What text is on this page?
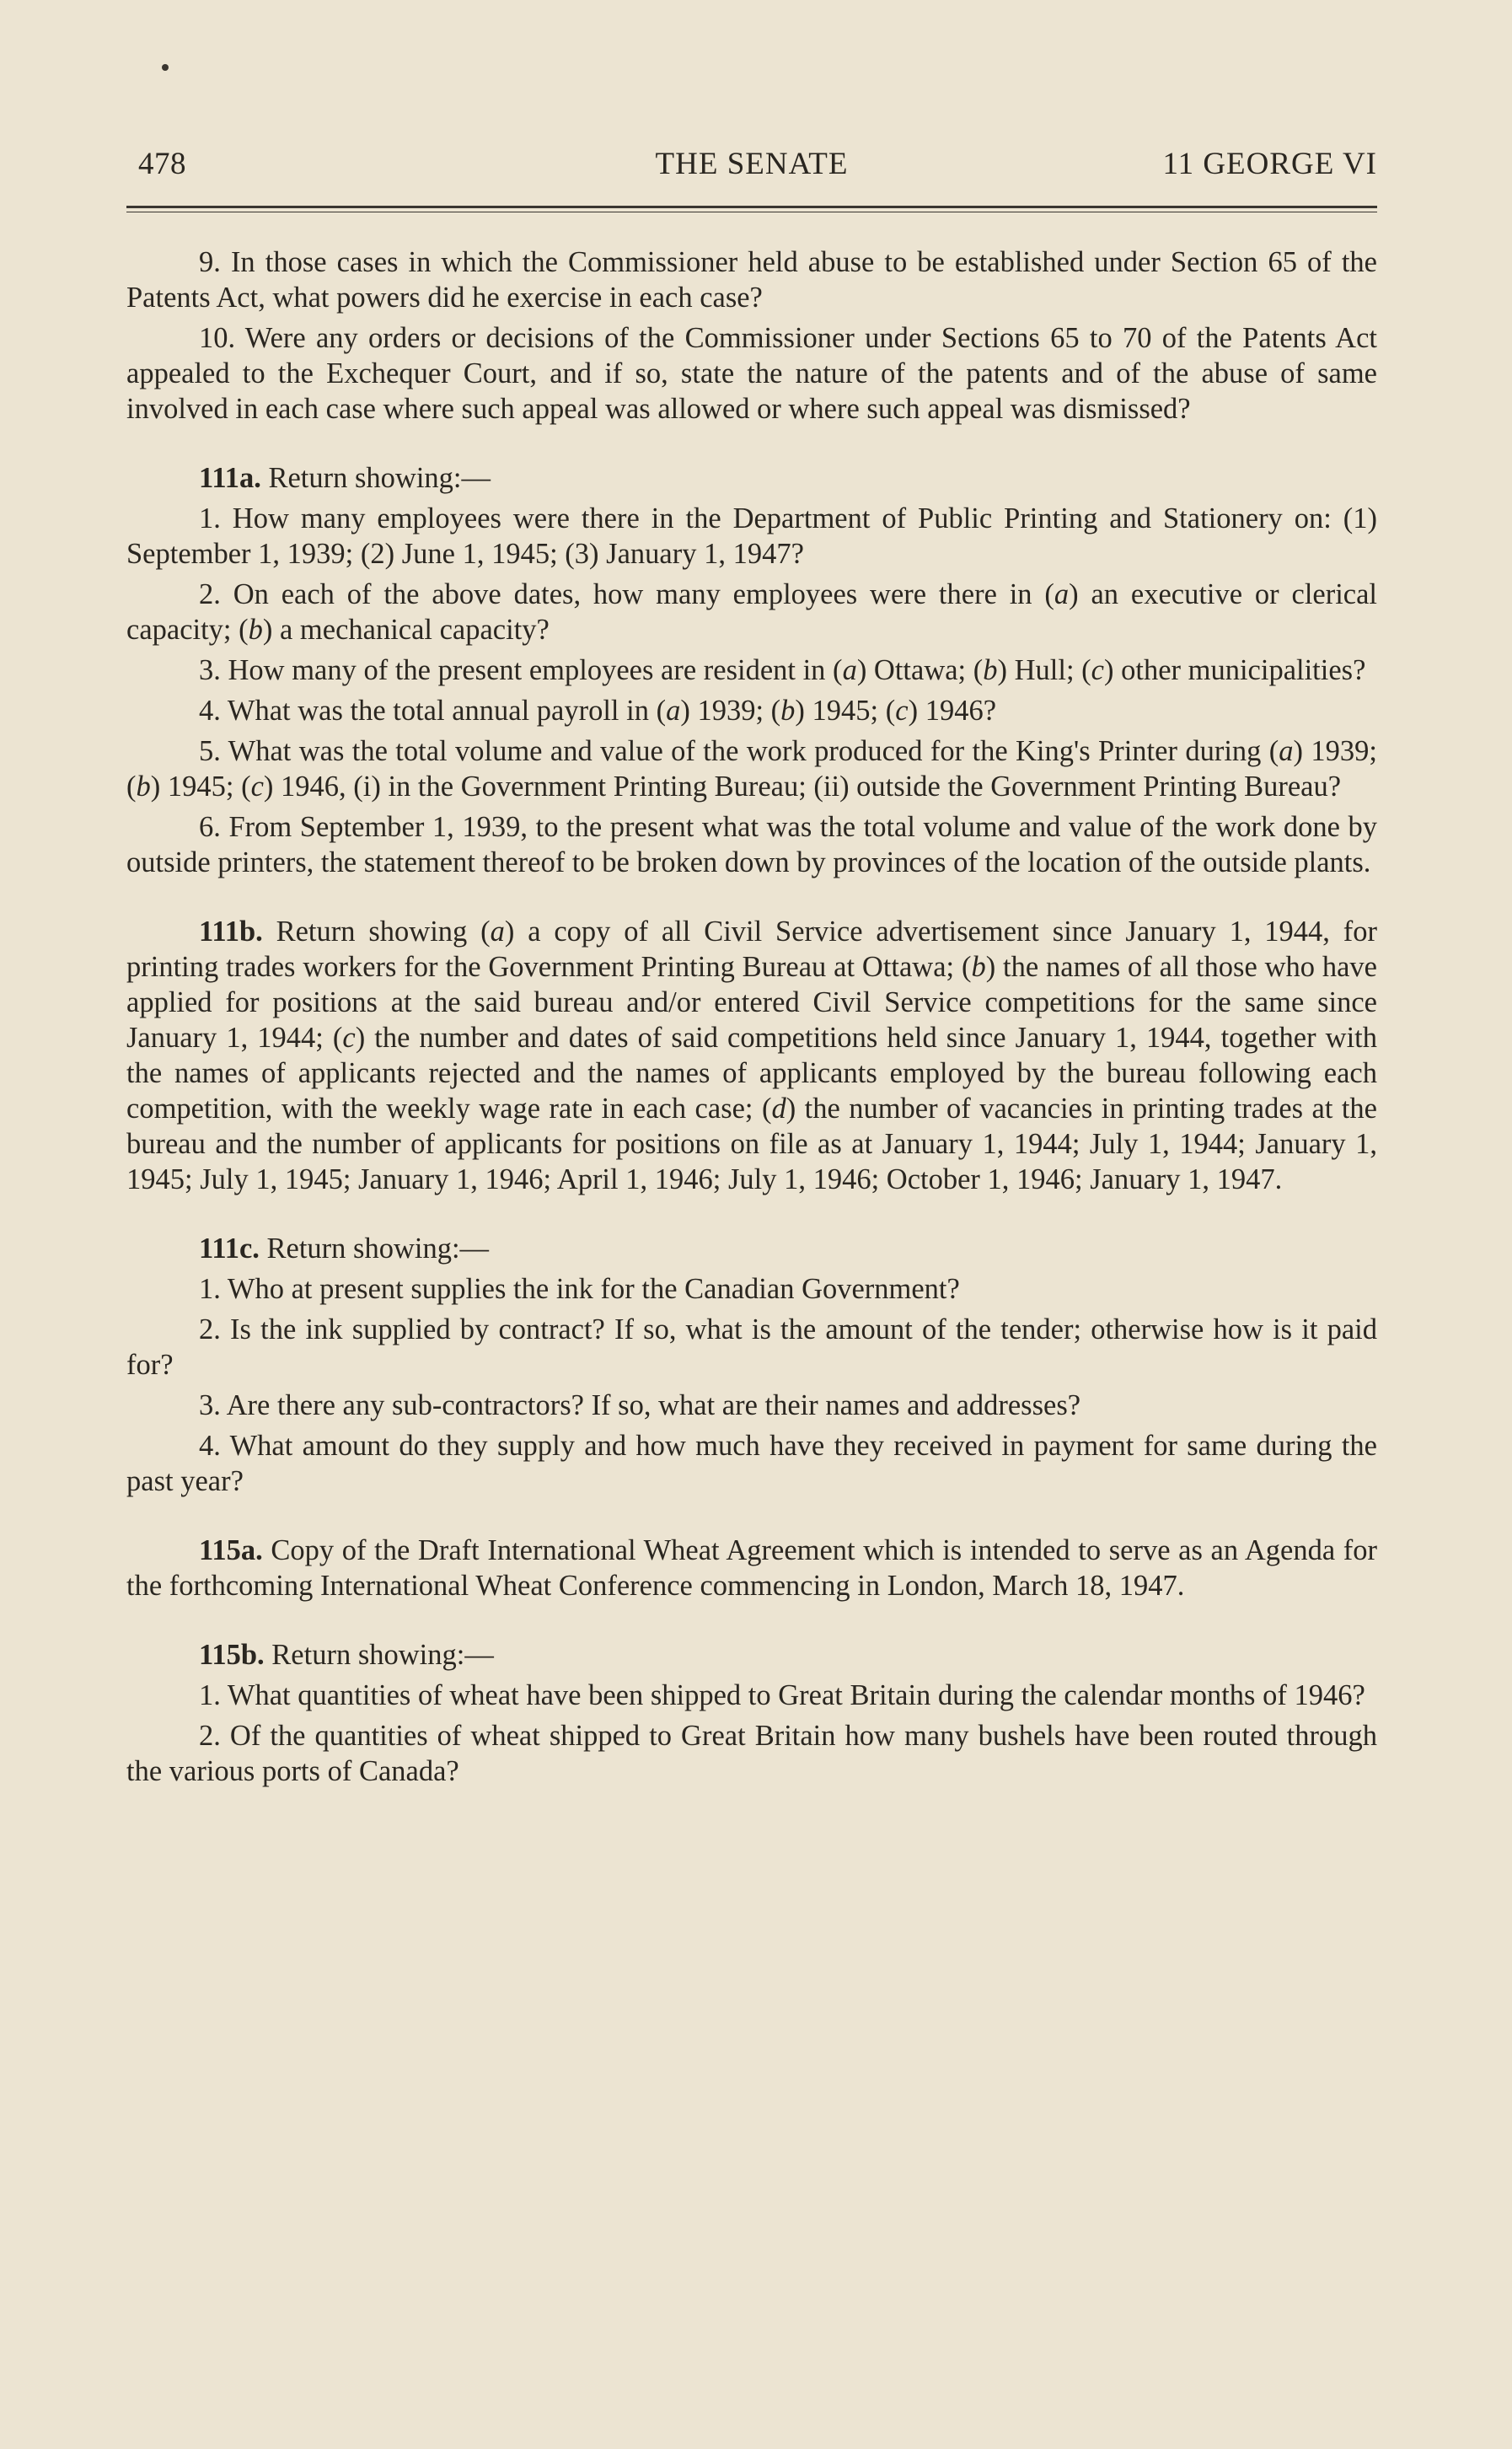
478	THE SENATE	11 GEORGE VI

9. In those cases in which the Commissioner held abuse to be established under Section 65 of the Patents Act, what powers did he exercise in each case?

10. Were any orders or decisions of the Commissioner under Sections 65 to 70 of the Patents Act appealed to the Exchequer Court, and if so, state the nature of the patents and of the abuse of same involved in each case where such appeal was allowed or where such appeal was dismissed?

111a. Return showing:—

1. How many employees were there in the Department of Public Printing and Stationery on: (1) September 1, 1939; (2) June 1, 1945; (3) January 1, 1947?

2. On each of the above dates, how many employees were there in (a) an executive or clerical capacity; (b) a mechanical capacity?

3. How many of the present employees are resident in (a) Ottawa; (b) Hull; (c) other municipalities?

4. What was the total annual payroll in (a) 1939; (b) 1945; (c) 1946?

5. What was the total volume and value of the work produced for the King's Printer during (a) 1939; (b) 1945; (c) 1946, (i) in the Government Printing Bureau; (ii) outside the Government Printing Bureau?

6. From September 1, 1939, to the present what was the total volume and value of the work done by outside printers, the statement thereof to be broken down by provinces of the location of the outside plants.

111b. Return showing (a) a copy of all Civil Service advertisement since January 1, 1944, for printing trades workers for the Government Printing Bureau at Ottawa; (b) the names of all those who have applied for positions at the said bureau and/or entered Civil Service competitions for the same since January 1, 1944; (c) the number and dates of said competitions held since January 1, 1944, together with the names of applicants rejected and the names of applicants employed by the bureau following each competition, with the weekly wage rate in each case; (d) the number of vacancies in printing trades at the bureau and the number of applicants for positions on file as at January 1, 1944; July 1, 1944; January 1, 1945; July 1, 1945; January 1, 1946; April 1, 1946; July 1, 1946; October 1, 1946; January 1, 1947.

111c. Return showing:—

1. Who at present supplies the ink for the Canadian Government?

2. Is the ink supplied by contract? If so, what is the amount of the tender; otherwise how is it paid for?

3. Are there any sub-contractors? If so, what are their names and addresses?

4. What amount do they supply and how much have they received in payment for same during the past year?

115a. Copy of the Draft International Wheat Agreement which is intended to serve as an Agenda for the forthcoming International Wheat Conference commencing in London, March 18, 1947.

115b. Return showing:—

1. What quantities of wheat have been shipped to Great Britain during the calendar months of 1946?

2. Of the quantities of wheat shipped to Great Britain how many bushels have been routed through the various ports of Canada?
